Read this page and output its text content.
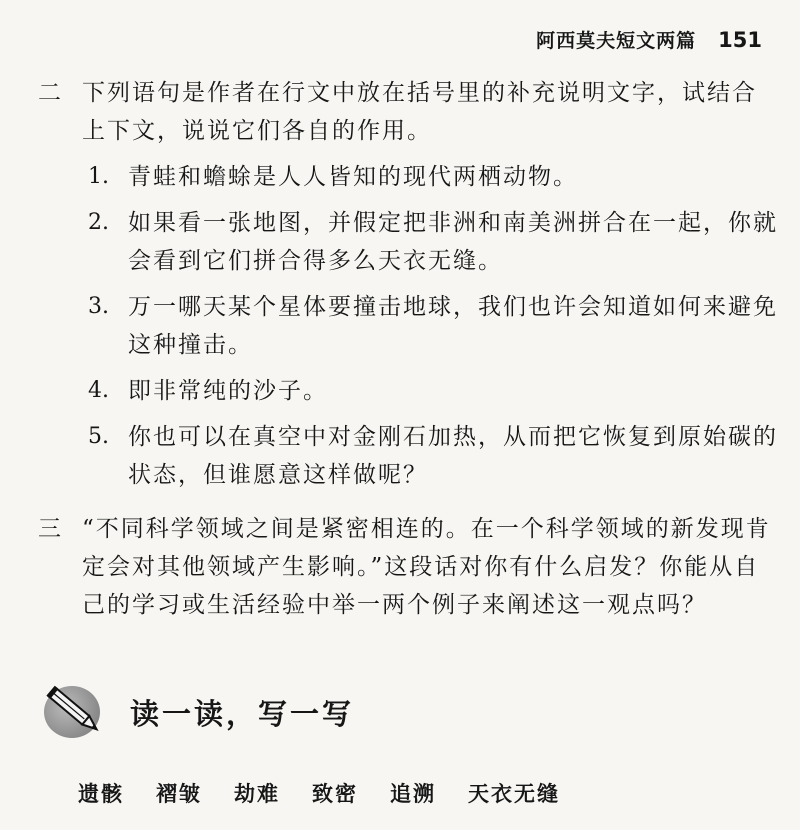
阿西莫夫短文两篇 151
二 下列语句是作者在行文中放在括号里的补充说明文字，试结合上下文，说说它们各自的作用。
1. 青蛙和蟾蜍是人人皆知的现代两栖动物。
2. 如果看一张地图，并假定把非洲和南美洲拼合在一起，你就会看到它们拼合得多么天衣无缝。
3. 万一哪天某个星体要撞击地球，我们也许会知道如何来避免这种撞击。
4. 即非常纯的沙子。
5. 你也可以在真空中对金刚石加热，从而把它恢复到原始碳的状态，但谁愿意这样做呢？
三 “不同科学领域之间是紧密相连的。在一个科学领域的新发现肯定会对其他领域产生影响。”这段话对你有什么启发？你能从自己的学习或生活经验中举一两个例子来阐述这一观点吗？
读一读，写一写
遗骸 褶皱 劫难 致密 追溯 天衣无缝
